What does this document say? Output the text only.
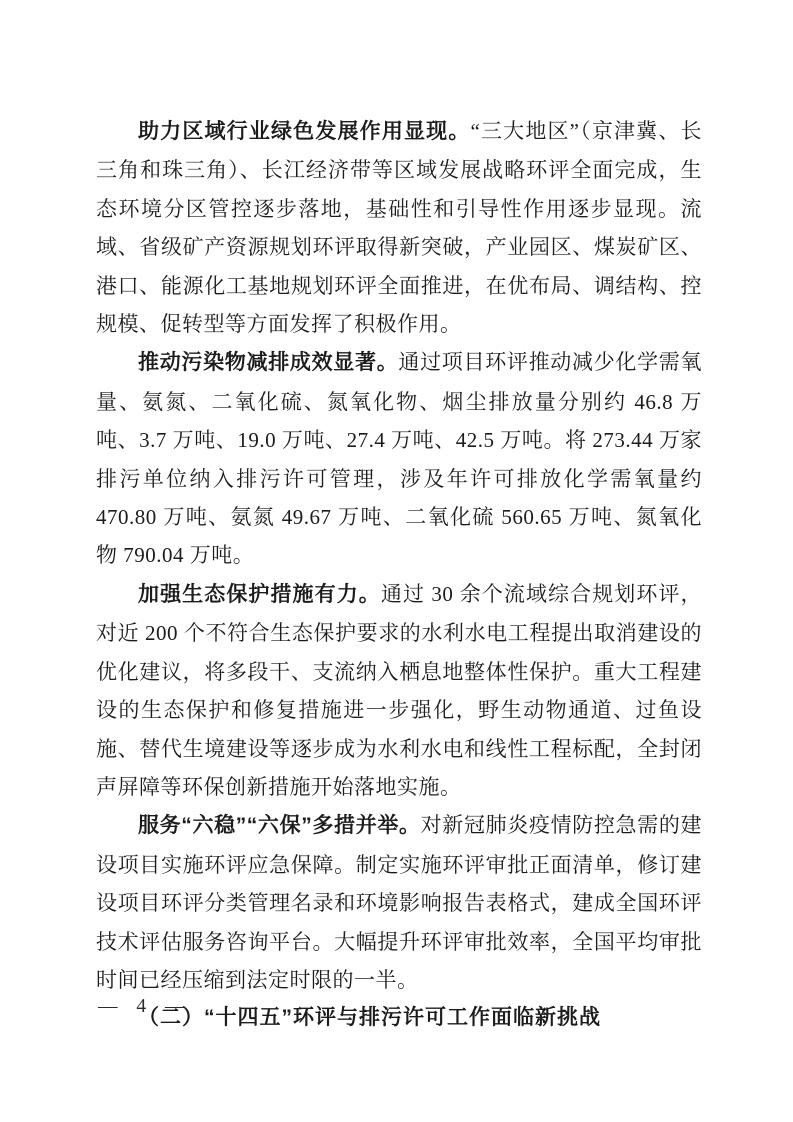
助力区域行业绿色发展作用显现。“三大地区”（京津冀、长三角和珠三角）、长江经济带等区域发展战略环评全面完成，生态环境分区管控逐步落地，基础性和引导性作用逐步显现。流域、省级矿产资源规划环评取得新突破，产业园区、煤炭矿区、港口、能源化工基地规划环评全面推进，在优布局、调结构、控规模、促转型等方面发挥了积极作用。

推动污染物减排成效显著。通过项目环评推动减少化学需氧量、氨氮、二氧化硫、氮氧化物、烟尘排放量分别约 46.8 万吨、3.7 万吨、19.0 万吨、27.4 万吨、42.5 万吨。将 273.44 万家排污单位纳入排污许可管理，涉及年许可排放化学需氧量约 470.80 万吨、氨氮 49.67 万吨、二氧化硫 560.65 万吨、氮氧化物 790.04 万吨。

加强生态保护措施有力。通过 30 余个流域综合规划环评，对近 200 个不符合生态保护要求的水利水电工程提出取消建设的优化建议，将多段干、支流纳入栖息地整体性保护。重大工程建设的生态保护和修复措施进一步强化，野生动物通道、过鱼设施、替代生境建设等逐步成为水利水电和线性工程标配，全封闭声屏障等环保创新措施开始落地实施。

服务“六稳”“六保”多措并举。对新冠肺炎疫情防控急需的建设项目实施环评应急保障。制定实施环评审批正面清单，修订建设项目环评分类管理名录和环境影响报告表格式，建成全国环评技术评估服务咨询平台。大幅提升环评审批效率，全国平均审批时间已经压缩到法定时限的一半。

（二）“十四五”环评与排污许可工作面临新挑战

— 4 —
